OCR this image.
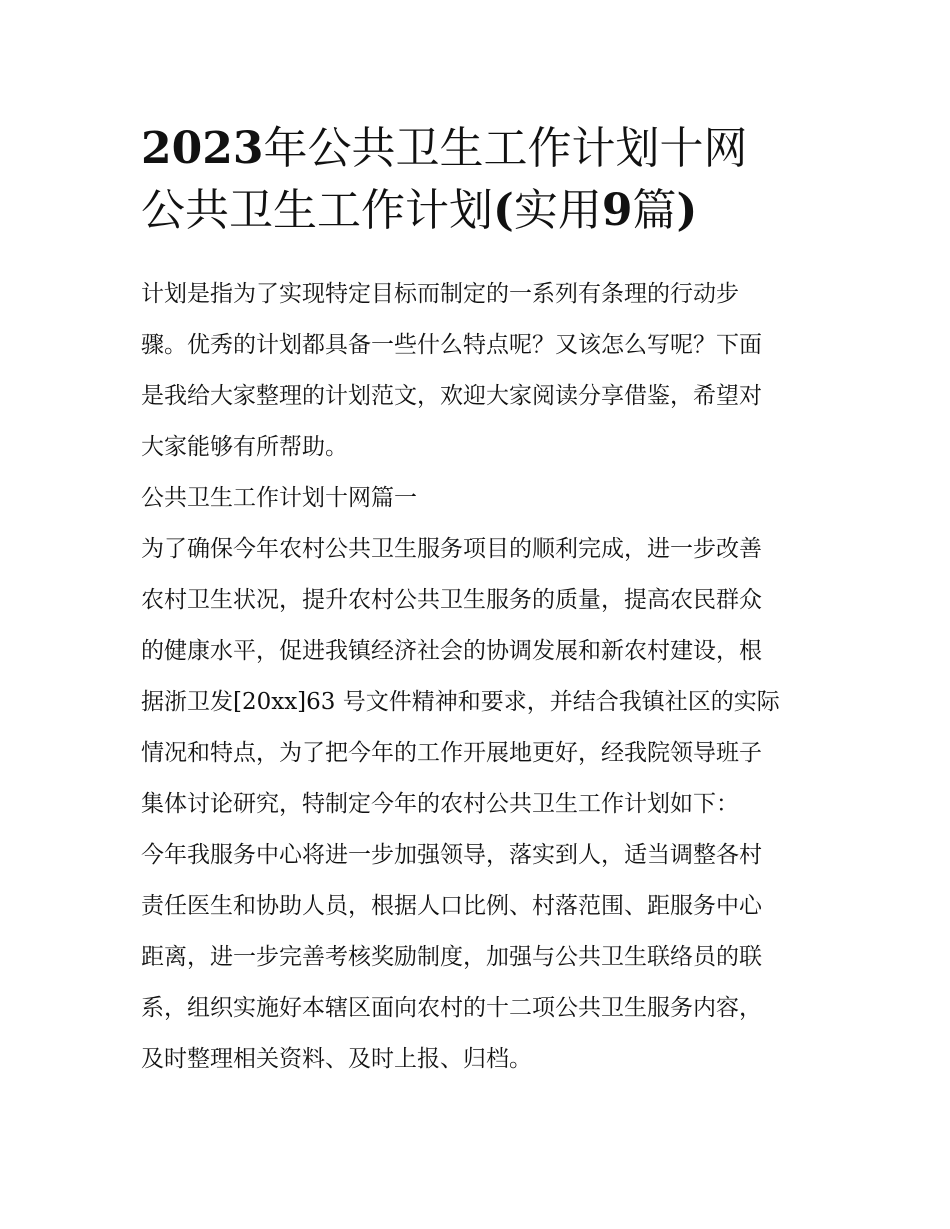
2023年公共卫生工作计划十网
公共卫生工作计划(实用9篇)
计划是指为了实现特定目标而制定的一系列有条理的行动步
骤。优秀的计划都具备一些什么特点呢？又该怎么写呢？下面
是我给大家整理的计划范文，欢迎大家阅读分享借鉴，希望对
大家能够有所帮助。
公共卫生工作计划十网篇一
为了确保今年农村公共卫生服务项目的顺利完成，进一步改善
农村卫生状况，提升农村公共卫生服务的质量，提高农民群众
的健康水平，促进我镇经济社会的协调发展和新农村建设，根
据浙卫发[20xx]63 号文件精神和要求，并结合我镇社区的实际
情况和特点，为了把今年的工作开展地更好，经我院领导班子
集体讨论研究，特制定今年的农村公共卫生工作计划如下：
今年我服务中心将进一步加强领导，落实到人，适当调整各村
责任医生和协助人员，根据人口比例、村落范围、距服务中心
距离，进一步完善考核奖励制度，加强与公共卫生联络员的联
系，组织实施好本辖区面向农村的十二项公共卫生服务内容，
及时整理相关资料、及时上报、归档。
